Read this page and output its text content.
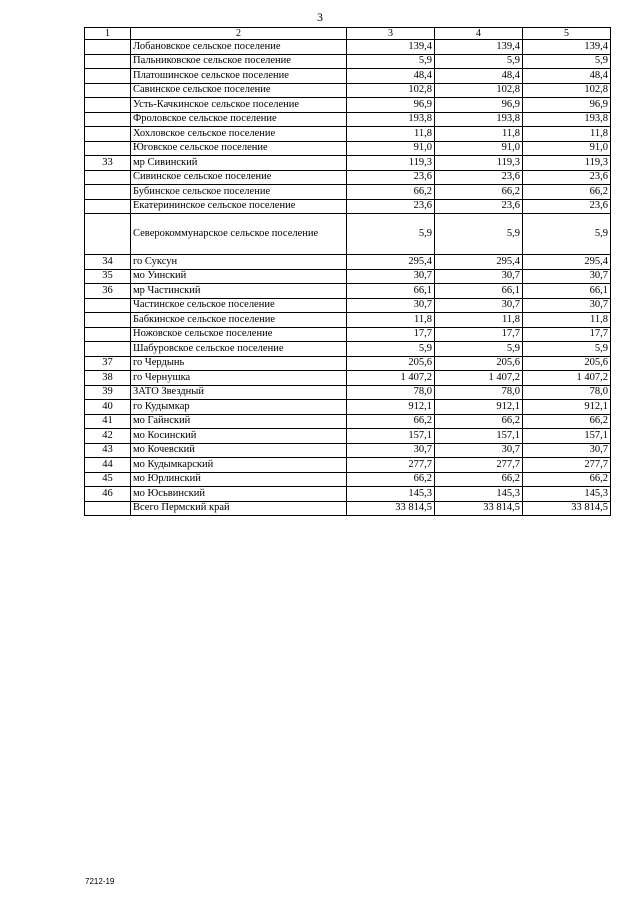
3
1	2	3	4	5
	Лобановское сельское поселение	139,4	139,4	139,4
	Пальниковское сельское поселение	5,9	5,9	5,9
	Платошинское сельское поселение	48,4	48,4	48,4
	Савинское сельское поселение	102,8	102,8	102,8
	Усть-Качкинское сельское поселение	96,9	96,9	96,9
	Фроловское сельское поселение	193,8	193,8	193,8
	Хохловское сельское поселение	11,8	11,8	11,8
	Юговское сельское поселение	91,0	91,0	91,0
33	мр Сивинский	119,3	119,3	119,3
	Сивинское сельское поселение	23,6	23,6	23,6
	Бубинское сельское поселение	66,2	66,2	66,2
	Екатерининское сельское поселение	23,6	23,6	23,6
	Северокоммунарское сельское поселение	5,9	5,9	5,9
34	го Суксун	295,4	295,4	295,4
35	мо Уинский	30,7	30,7	30,7
36	мр Частинский	66,1	66,1	66,1
	Частинское сельское поселение	30,7	30,7	30,7
	Бабкинское сельское поселение	11,8	11,8	11,8
	Ножовское сельское поселение	17,7	17,7	17,7
	Шабуровское сельское поселение	5,9	5,9	5,9
37	го Чердынь	205,6	205,6	205,6
38	го Чернушка	1 407,2	1 407,2	1 407,2
39	ЗАТО Звездный	78,0	78,0	78,0
40	го Кудымкар	912,1	912,1	912,1
41	мо Гайнский	66,2	66,2	66,2
42	мо Косинский	157,1	157,1	157,1
43	мо Кочевский	30,7	30,7	30,7
44	мо Кудымкарский	277,7	277,7	277,7
45	мо Юрлинский	66,2	66,2	66,2
46	мо Юсьвинский	145,3	145,3	145,3
	Всего Пермский край	33 814,5	33 814,5	33 814,5
7212-19
